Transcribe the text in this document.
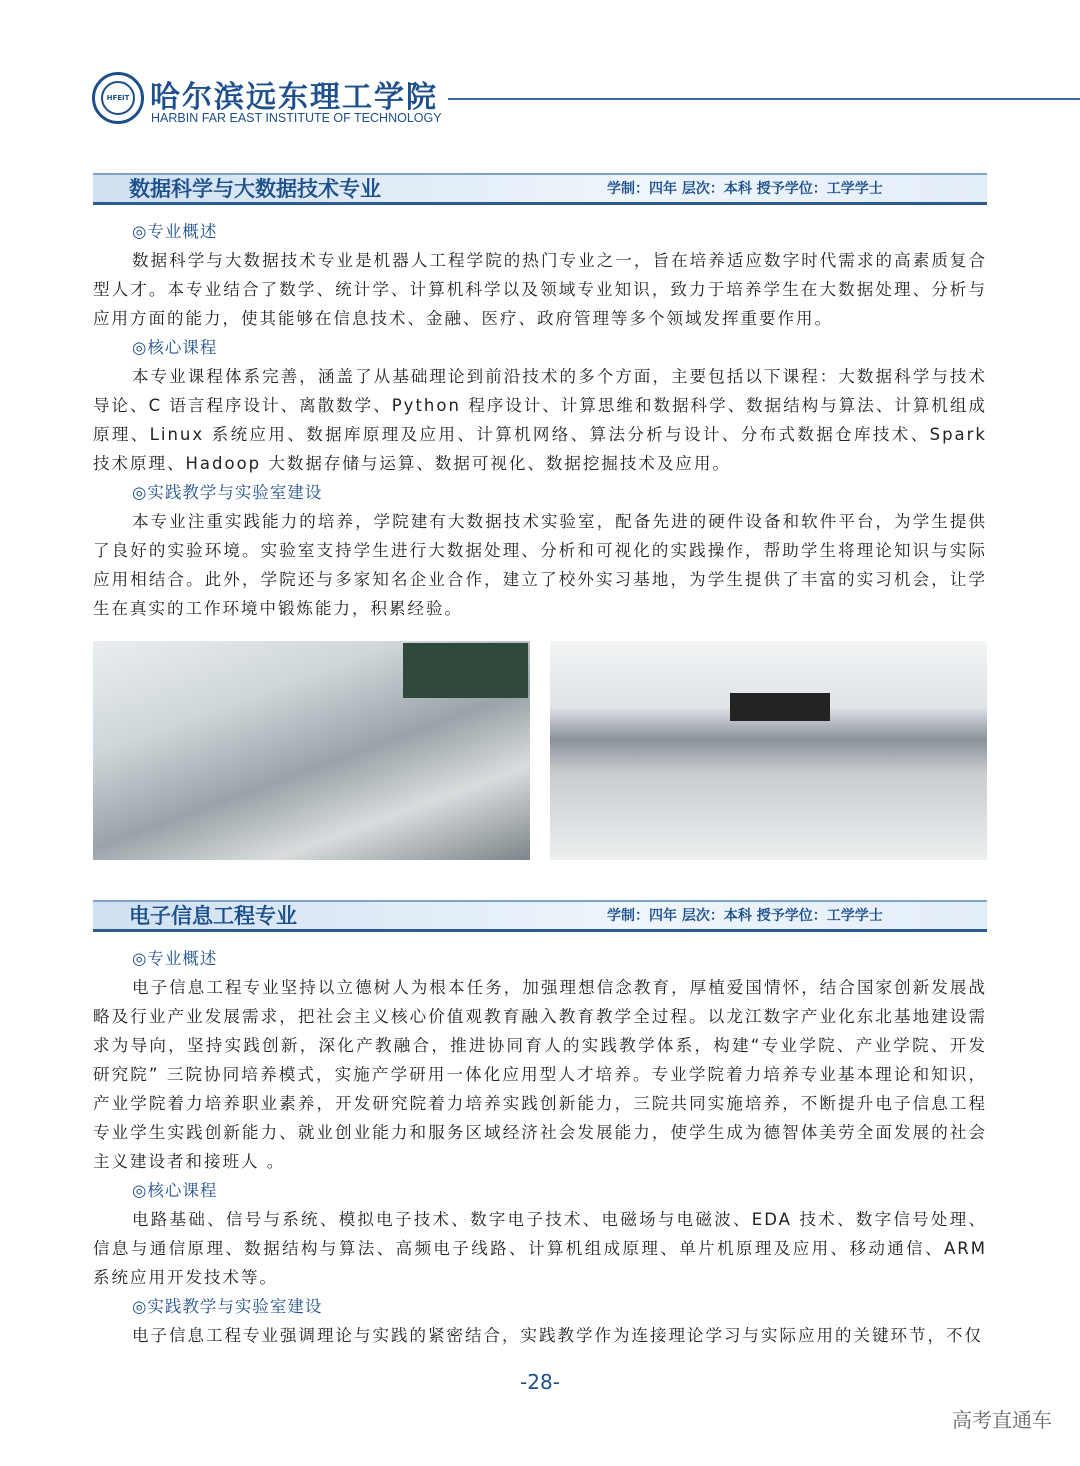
HFEIT 哈尔滨远东理工学院
HARBIN FAR EAST INSTITUTE OF TECHNOLOGY
数据科学与大数据技术专业	学制：四年 层次：本科 授予学位：工学学士
◎专业概述

数据科学与大数据技术专业是机器人工程学院的热门专业之一，旨在培养适应数字时代需求的高素质复合型人才。本专业结合了数学、统计学、计算机科学以及领域专业知识，致力于培养学生在大数据处理、分析与应用方面的能力，使其能够在信息技术、金融、医疗、政府管理等多个领域发挥重要作用。

◎核心课程

本专业课程体系完善，涵盖了从基础理论到前沿技术的多个方面，主要包括以下课程：大数据科学与技术导论、C 语言程序设计、离散数学、Python 程序设计、计算思维和数据科学、数据结构与算法、计算机组成原理、Linux 系统应用、数据库原理及应用、计算机网络、算法分析与设计、分布式数据仓库技术、Spark 技术原理、Hadoop 大数据存储与运算、数据可视化、数据挖掘技术及应用。

◎实践教学与实验室建设

本专业注重实践能力的培养，学院建有大数据技术实验室，配备先进的硬件设备和软件平台，为学生提供了良好的实验环境。实验室支持学生进行大数据处理、分析和可视化的实践操作，帮助学生将理论知识与实际应用相结合。此外，学院还与多家知名企业合作，建立了校外实习基地，为学生提供了丰富的实习机会，让学生在真实的工作环境中锻炼能力，积累经验。

电子信息工程专业	学制：四年 层次：本科 授予学位：工学学士
◎专业概述

电子信息工程专业坚持以立德树人为根本任务，加强理想信念教育，厚植爱国情怀，结合国家创新发展战略及行业产业发展需求，把社会主义核心价值观教育融入教育教学全过程。以龙江数字产业化东北基地建设需求为导向，坚持实践创新，深化产教融合，推进协同育人的实践教学体系，构建“专业学院、产业学院、开发研究院” 三院协同培养模式，实施产学研用一体化应用型人才培养。专业学院着力培养专业基本理论和知识，产业学院着力培养职业素养，开发研究院着力培养实践创新能力，三院共同实施培养，不断提升电子信息工程专业学生实践创新能力、就业创业能力和服务区域经济社会发展能力，使学生成为德智体美劳全面发展的社会主义建设者和接班人 。

◎核心课程

电路基础、信号与系统、模拟电子技术、数字电子技术、电磁场与电磁波、EDA 技术、数字信号处理、信息与通信原理、数据结构与算法、高频电子线路、计算机组成原理、单片机原理及应用、移动通信、ARM 系统应用开发技术等。

◎实践教学与实验室建设

电子信息工程专业强调理论与实践的紧密结合，实践教学作为连接理论学习与实际应用的关键环节，不仅

-28-
高考直通车
